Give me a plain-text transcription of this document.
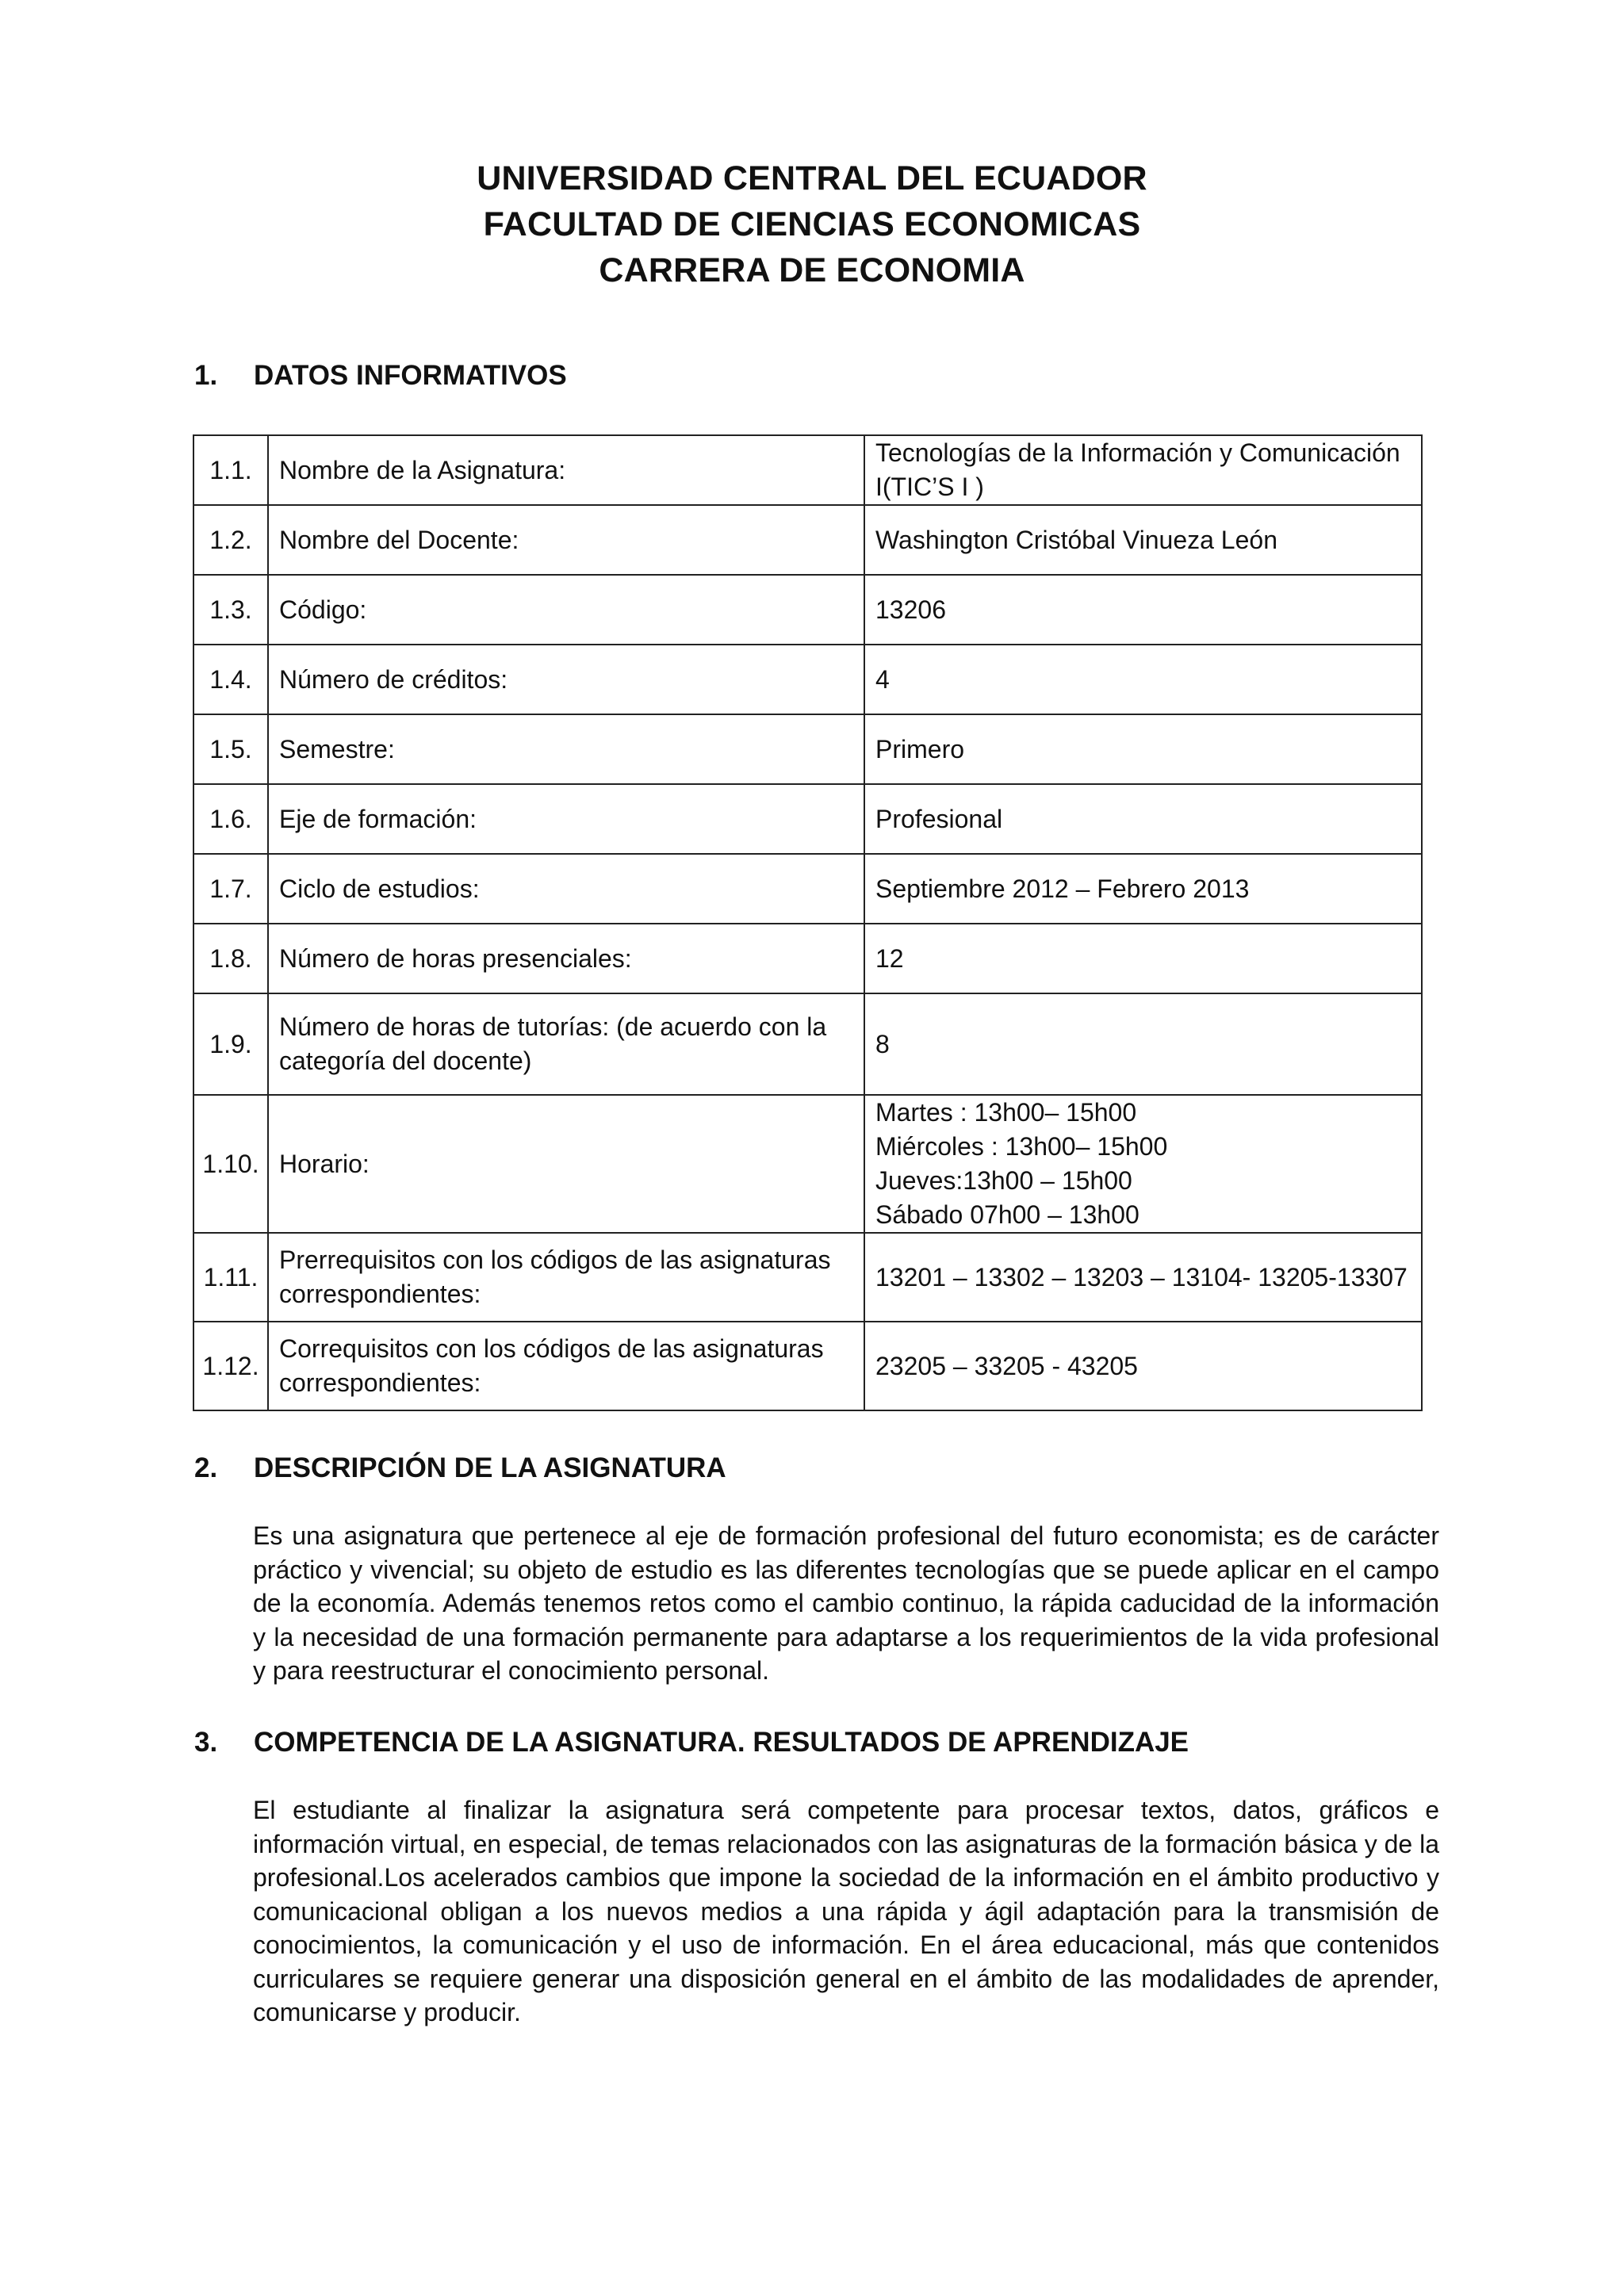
UNIVERSIDAD CENTRAL DEL ECUADOR
FACULTAD DE CIENCIAS ECONOMICAS
CARRERA DE ECONOMIA
1. DATOS INFORMATIVOS
1.1.	Nombre de la Asignatura:	Tecnologías de la Información y Comunicación
I(TIC’S I )

1.2.	Nombre del Docente:	Washington Cristóbal Vinueza León
1.3.	Código:	13206
1.4.	Número de créditos:	4
1.5.	Semestre:	Primero
1.6.	Eje de formación:	Profesional
1.7.	Ciclo de estudios:	Septiembre 2012 – Febrero 2013
1.8.	Número de horas presenciales:	12
1.9.	Número de horas de tutorías: (de acuerdo con la categoría del docente)	8
1.10.	Horario:	Martes : 13h00– 15h00
Miércoles : 13h00– 15h00
Jueves:13h00 – 15h00
Sábado 07h00 – 13h00

1.11.	Prerrequisitos con los códigos de las asignaturas correspondientes:	13201 – 13302 – 13203 – 13104- 13205-13307
1.12.	Correquisitos con los códigos de las asignaturas correspondientes:	23205 – 33205 - 43205
2. DESCRIPCIÓN DE LA ASIGNATURA

Es una asignatura que pertenece al eje de formación profesional del futuro economista; es de carácter práctico y vivencial; su objeto de estudio es las diferentes tecnologías que se puede aplicar en el campo de la economía. Además tenemos retos como el cambio continuo, la rápida caducidad de la información y la necesidad de una formación permanente para adaptarse a los requerimientos de la vida profesional y para reestructurar el conocimiento personal.

3. COMPETENCIA DE LA ASIGNATURA. RESULTADOS DE APRENDIZAJE

El estudiante al finalizar la asignatura será competente para procesar textos, datos, gráficos e información virtual, en especial, de temas relacionados con las asignaturas de la formación básica y de la profesional.Los acelerados cambios que impone la sociedad de la información en el ámbito productivo y comunicacional obligan a los nuevos medios a una rápida y ágil adaptación para la transmisión de conocimientos, la comunicación y el uso de información. En el área educacional, más que contenidos curriculares se requiere generar una disposición general en el ámbito de las modalidades de aprender, comunicarse y producir.
